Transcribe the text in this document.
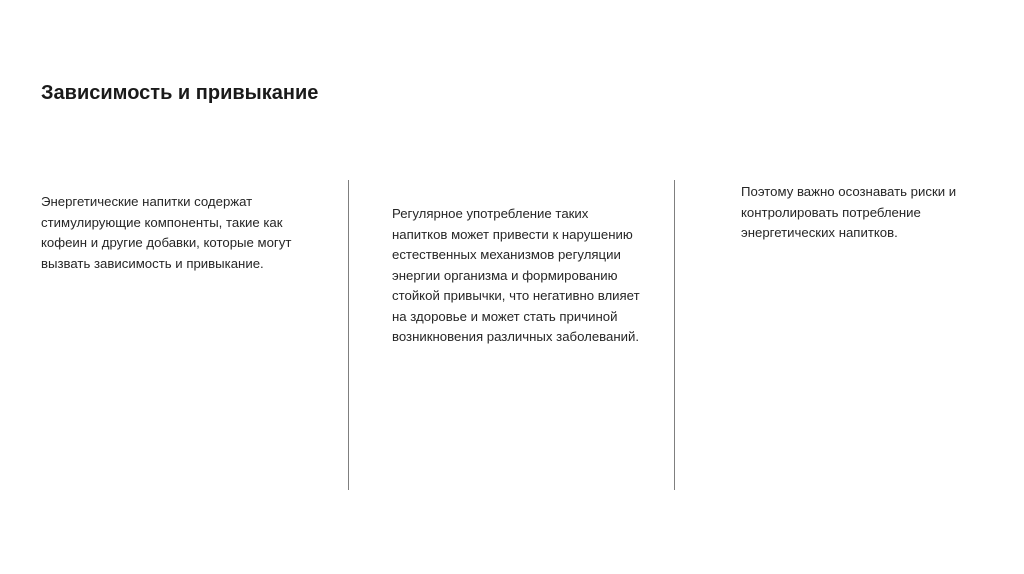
Зависимость и привыкание
Энергетические напитки содержат
стимулирующие компоненты, такие как
кофеин и другие добавки, которые могут
вызвать зависимость и привыкание.
Регулярное употребление таких
напитков может привести к нарушению
естественных механизмов регуляции
энергии организма и формированию
стойкой привычки, что негативно влияет
на здоровье и может стать причиной
возникновения различных заболеваний.
Поэтому важно осознавать риски и
контролировать потребление
энергетических напитков.
